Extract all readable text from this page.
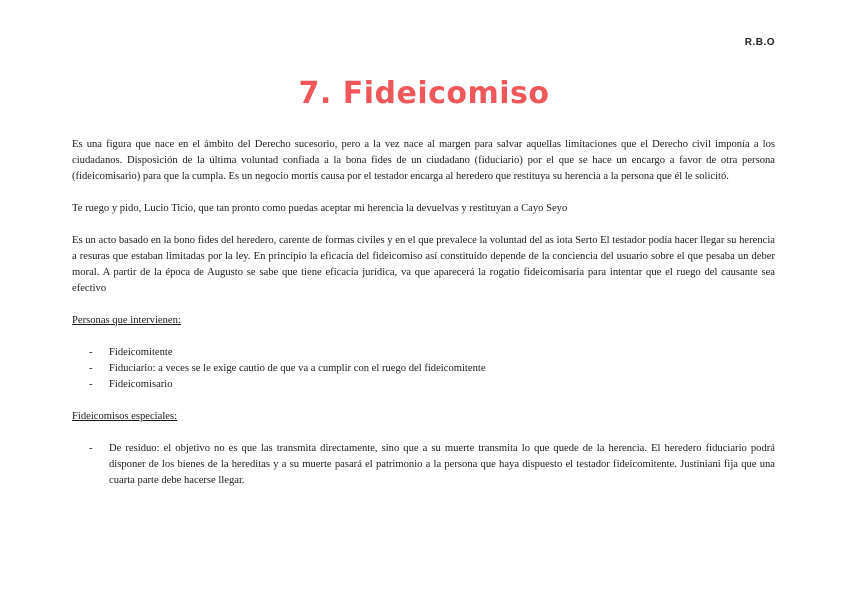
R.B.O
7. Fideicomiso

Es una figura que nace en el ámbito del Derecho sucesorio, pero a la vez nace al margen para salvar aquellas limitaciones que el Derecho civil imponía a los ciudadanos. Disposición de la última voluntad confiada a la bona fides de un ciudadano (fiduciario) por el que se hace un encargo a favor de otra persona (fideicomisario) para que la cumpla. Es un negocio mortis causa por el testador encarga al heredero que restituya su herencia a la persona que él le solicitó.

Te ruego y pido, Lucio Ticio, que tan pronto como puedas aceptar mi herencia la devuelvas y restituyan a Cayo Seyo

Es un acto basado en la bono fides del heredero, carente de formas civiles y en el que prevalece la voluntad del as iota Serto El testador podía hacer llegar su herencia a resuras que estaban limitadas por la ley. En principio la eficacia del fideicomiso así constituido depende de la conciencia del usuario sobre el que pesaba un deber moral. A partir de la época de Augusto se sabe que tiene eficacia jurídica, va que aparecerá la rogatio fideicomisaria para intentar que el ruego del causante sea efectivo

Personas que intervienen:

- Fideicomitente
- Fiduciario: a veces se le exige cautio de que va a cumplir con el ruego del fideicomitente
- Fideicomisario

Fideicomisos especiales:

- De residuo: el objetivo no es que las transmita directamente, sino que a su muerte transmita lo que quede de la herencia. El heredero fiduciario podrá disponer de los bienes de la hereditas y a su muerte pasará el patrimonio a la persona que haya dispuesto el testador fideicomitente. Justiniani fija que una cuarta parte debe hacerse llegar.
